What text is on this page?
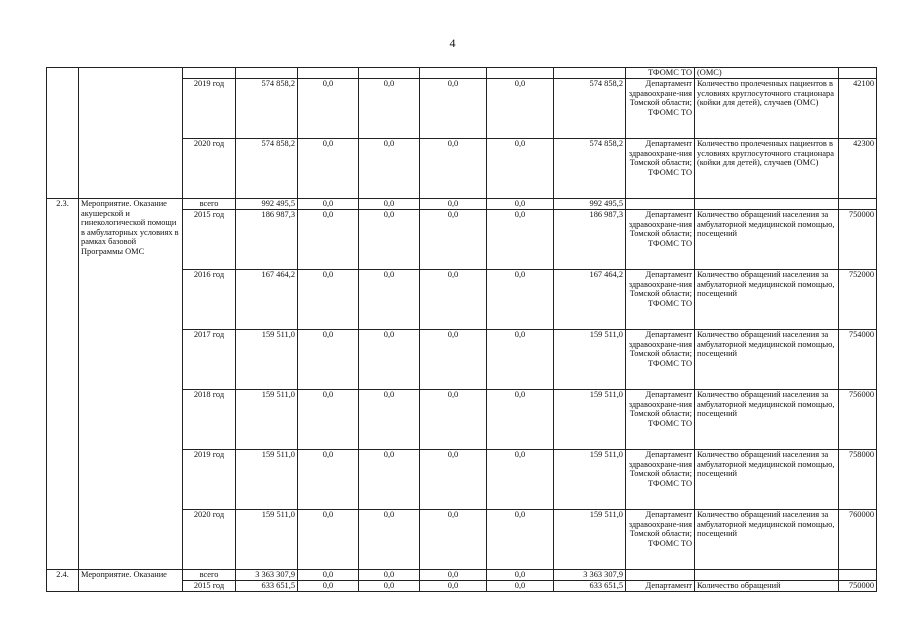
4
									ТФОМС ТО	(ОМС)	
		2019 год	574 858,2	0,0	0,0	0,0	0,0	574 858,2	Департамент здравоохране-ния Томской области; ТФОМС ТО	Количество пролеченных пациентов в условиях круглосуточного стационара (койки для детей), случаев (ОМС)	42100
		2020 год	574 858,2	0,0	0,0	0,0	0,0	574 858,2	Департамент здравоохране-ния Томской области; ТФОМС ТО	Количество пролеченных пациентов в условиях круглосуточного стационара (койки для детей), случаев (ОМС)	42300
2.3.	Мероприятие. Оказание акушерской и гинекологической помощи в амбулаторных условиях в рамках базовой Программы ОМС	всего	992 495,5	0,0	0,0	0,0	0,0	992 495,5			
		2015 год	186 987,3	0,0	0,0	0,0	0,0	186 987,3	Департамент здравоохране-ния Томской области; ТФОМС ТО	Количество обращений населения за амбулаторной медицинской помощью, посещений	750000
		2016 год	167 464,2	0,0	0,0	0,0	0,0	167 464,2	Департамент здравоохране-ния Томской области; ТФОМС ТО	Количество обращений населения за амбулаторной медицинской помощью, посещений	752000
		2017 год	159 511,0	0,0	0,0	0,0	0,0	159 511,0	Департамент здравоохране-ния Томской области; ТФОМС ТО	Количество обращений населения за амбулаторной медицинской помощью, посещений	754000
		2018 год	159 511,0	0,0	0,0	0,0	0,0	159 511,0	Департамент здравоохране-ния Томской области; ТФОМС ТО	Количество обращений населения за амбулаторной медицинской помощью, посещений	756000
		2019 год	159 511,0	0,0	0,0	0,0	0,0	159 511,0	Департамент здравоохране-ния Томской области; ТФОМС ТО	Количество обращений населения за амбулаторной медицинской помощью, посещений	758000
		2020 год	159 511,0	0,0	0,0	0,0	0,0	159 511,0	Департамент здравоохране-ния Томской области; ТФОМС ТО	Количество обращений населения за амбулаторной медицинской помощью, посещений	760000
2.4.	Мероприятие. Оказание	всего	3 363 307,9	0,0	0,0	0,0	0,0	3 363 307,9			
		2015 год	633 651,5	0,0	0,0	0,0	0,0	633 651,5	Департамент	Количество обращений	750000
